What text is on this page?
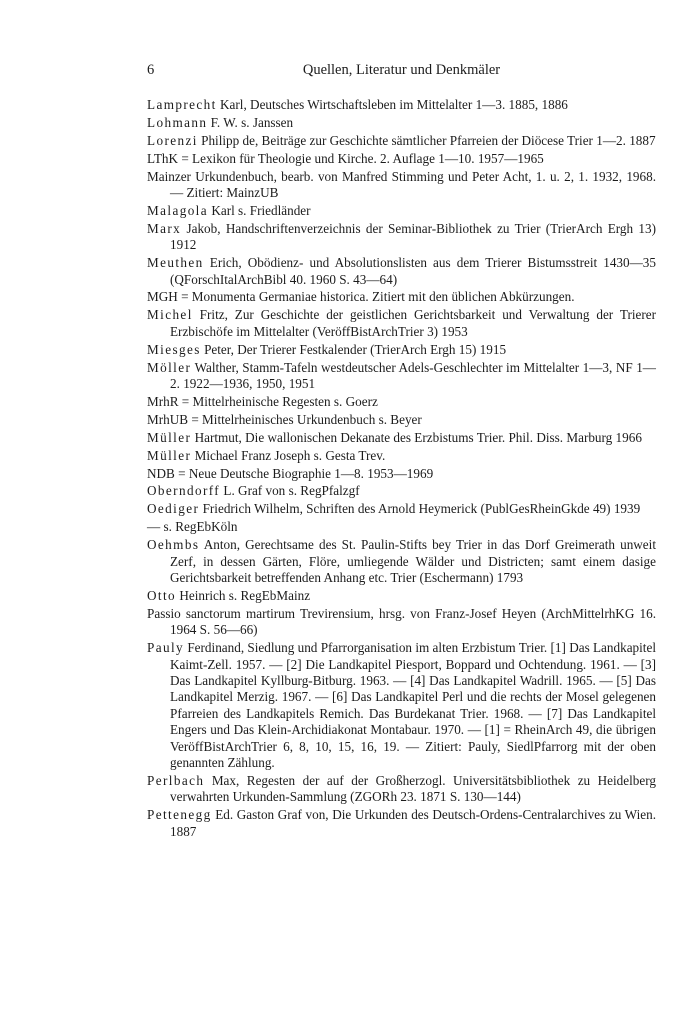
6	Quellen, Literatur und Denkmäler

Lamprecht Karl, Deutsches Wirtschaftsleben im Mittelalter 1—3. 1885, 1886

Lohmann F. W. s. Janssen

Lorenzi Philipp de, Beiträge zur Geschichte sämtlicher Pfarreien der Diöcese Trier 1—2. 1887

LThK = Lexikon für Theologie und Kirche. 2. Auflage 1—10. 1957—1965

Mainzer Urkundenbuch, bearb. von Manfred Stimming und Peter Acht, 1. u. 2, 1. 1932, 1968. — Zitiert: MainzUB

Malagola Karl s. Friedländer

Marx Jakob, Handschriftenverzeichnis der Seminar-Bibliothek zu Trier (TrierArch Ergh 13) 1912

Meuthen Erich, Obödienz- und Absolutionslisten aus dem Trierer Bistumsstreit 1430—35 (QForschItalArchBibl 40. 1960 S. 43—64)

MGH = Monumenta Germaniae historica. Zitiert mit den üblichen Abkürzungen.

Michel Fritz, Zur Geschichte der geistlichen Gerichtsbarkeit und Verwaltung der Trierer Erzbischöfe im Mittelalter (VeröffBistArchTrier 3) 1953

Miesges Peter, Der Trierer Festkalender (TrierArch Ergh 15) 1915

Möller Walther, Stamm-Tafeln westdeutscher Adels-Geschlechter im Mittelalter 1—3, NF 1—2. 1922—1936, 1950, 1951

MrhR = Mittelrheinische Regesten s. Goerz

MrhUB = Mittelrheinisches Urkundenbuch s. Beyer

Müller Hartmut, Die wallonischen Dekanate des Erzbistums Trier. Phil. Diss. Marburg 1966

Müller Michael Franz Joseph s. Gesta Trev.

NDB = Neue Deutsche Biographie 1—8. 1953—1969

Oberndorff L. Graf von s. RegPfalzgf

Oediger Friedrich Wilhelm, Schriften des Arnold Heymerick (PublGesRheinGkde 49) 1939

— s. RegEbKöln

Oehmbs Anton, Gerechtsame des St. Paulin-Stifts bey Trier in das Dorf Greimerath unweit Zerf, in dessen Gärten, Flöre, umliegende Wälder und Districten; samt einem dasige Gerichtsbarkeit betreffenden Anhang etc. Trier (Eschermann) 1793

Otto Heinrich s. RegEbMainz

Passio sanctorum martirum Trevirensium, hrsg. von Franz-Josef Heyen (ArchMittelrhKG 16. 1964 S. 56—66)

Pauly Ferdinand, Siedlung und Pfarrorganisation im alten Erzbistum Trier. [1] Das Landkapitel Kaimt-Zell. 1957. — [2] Die Landkapitel Piesport, Boppard und Ochtendung. 1961. — [3] Das Landkapitel Kyllburg-Bitburg. 1963. — [4] Das Landkapitel Wadrill. 1965. — [5] Das Landkapitel Merzig. 1967. — [6] Das Landkapitel Perl und die rechts der Mosel gelegenen Pfarreien des Landkapitels Remich. Das Burdekanat Trier. 1968. — [7] Das Landkapitel Engers und Das Klein-Archidiakonat Montabaur. 1970. — [1] = RheinArch 49, die übrigen VeröffBistArchTrier 6, 8, 10, 15, 16, 19. — Zitiert: Pauly, SiedlPfarrorg mit der oben genannten Zählung.

Perlbach Max, Regesten der auf der Großherzogl. Universitätsbibliothek zu Heidelberg verwahrten Urkunden-Sammlung (ZGORh 23. 1871 S. 130—144)

Pettenegg Ed. Gaston Graf von, Die Urkunden des Deutsch-Ordens-Centralarchives zu Wien. 1887
